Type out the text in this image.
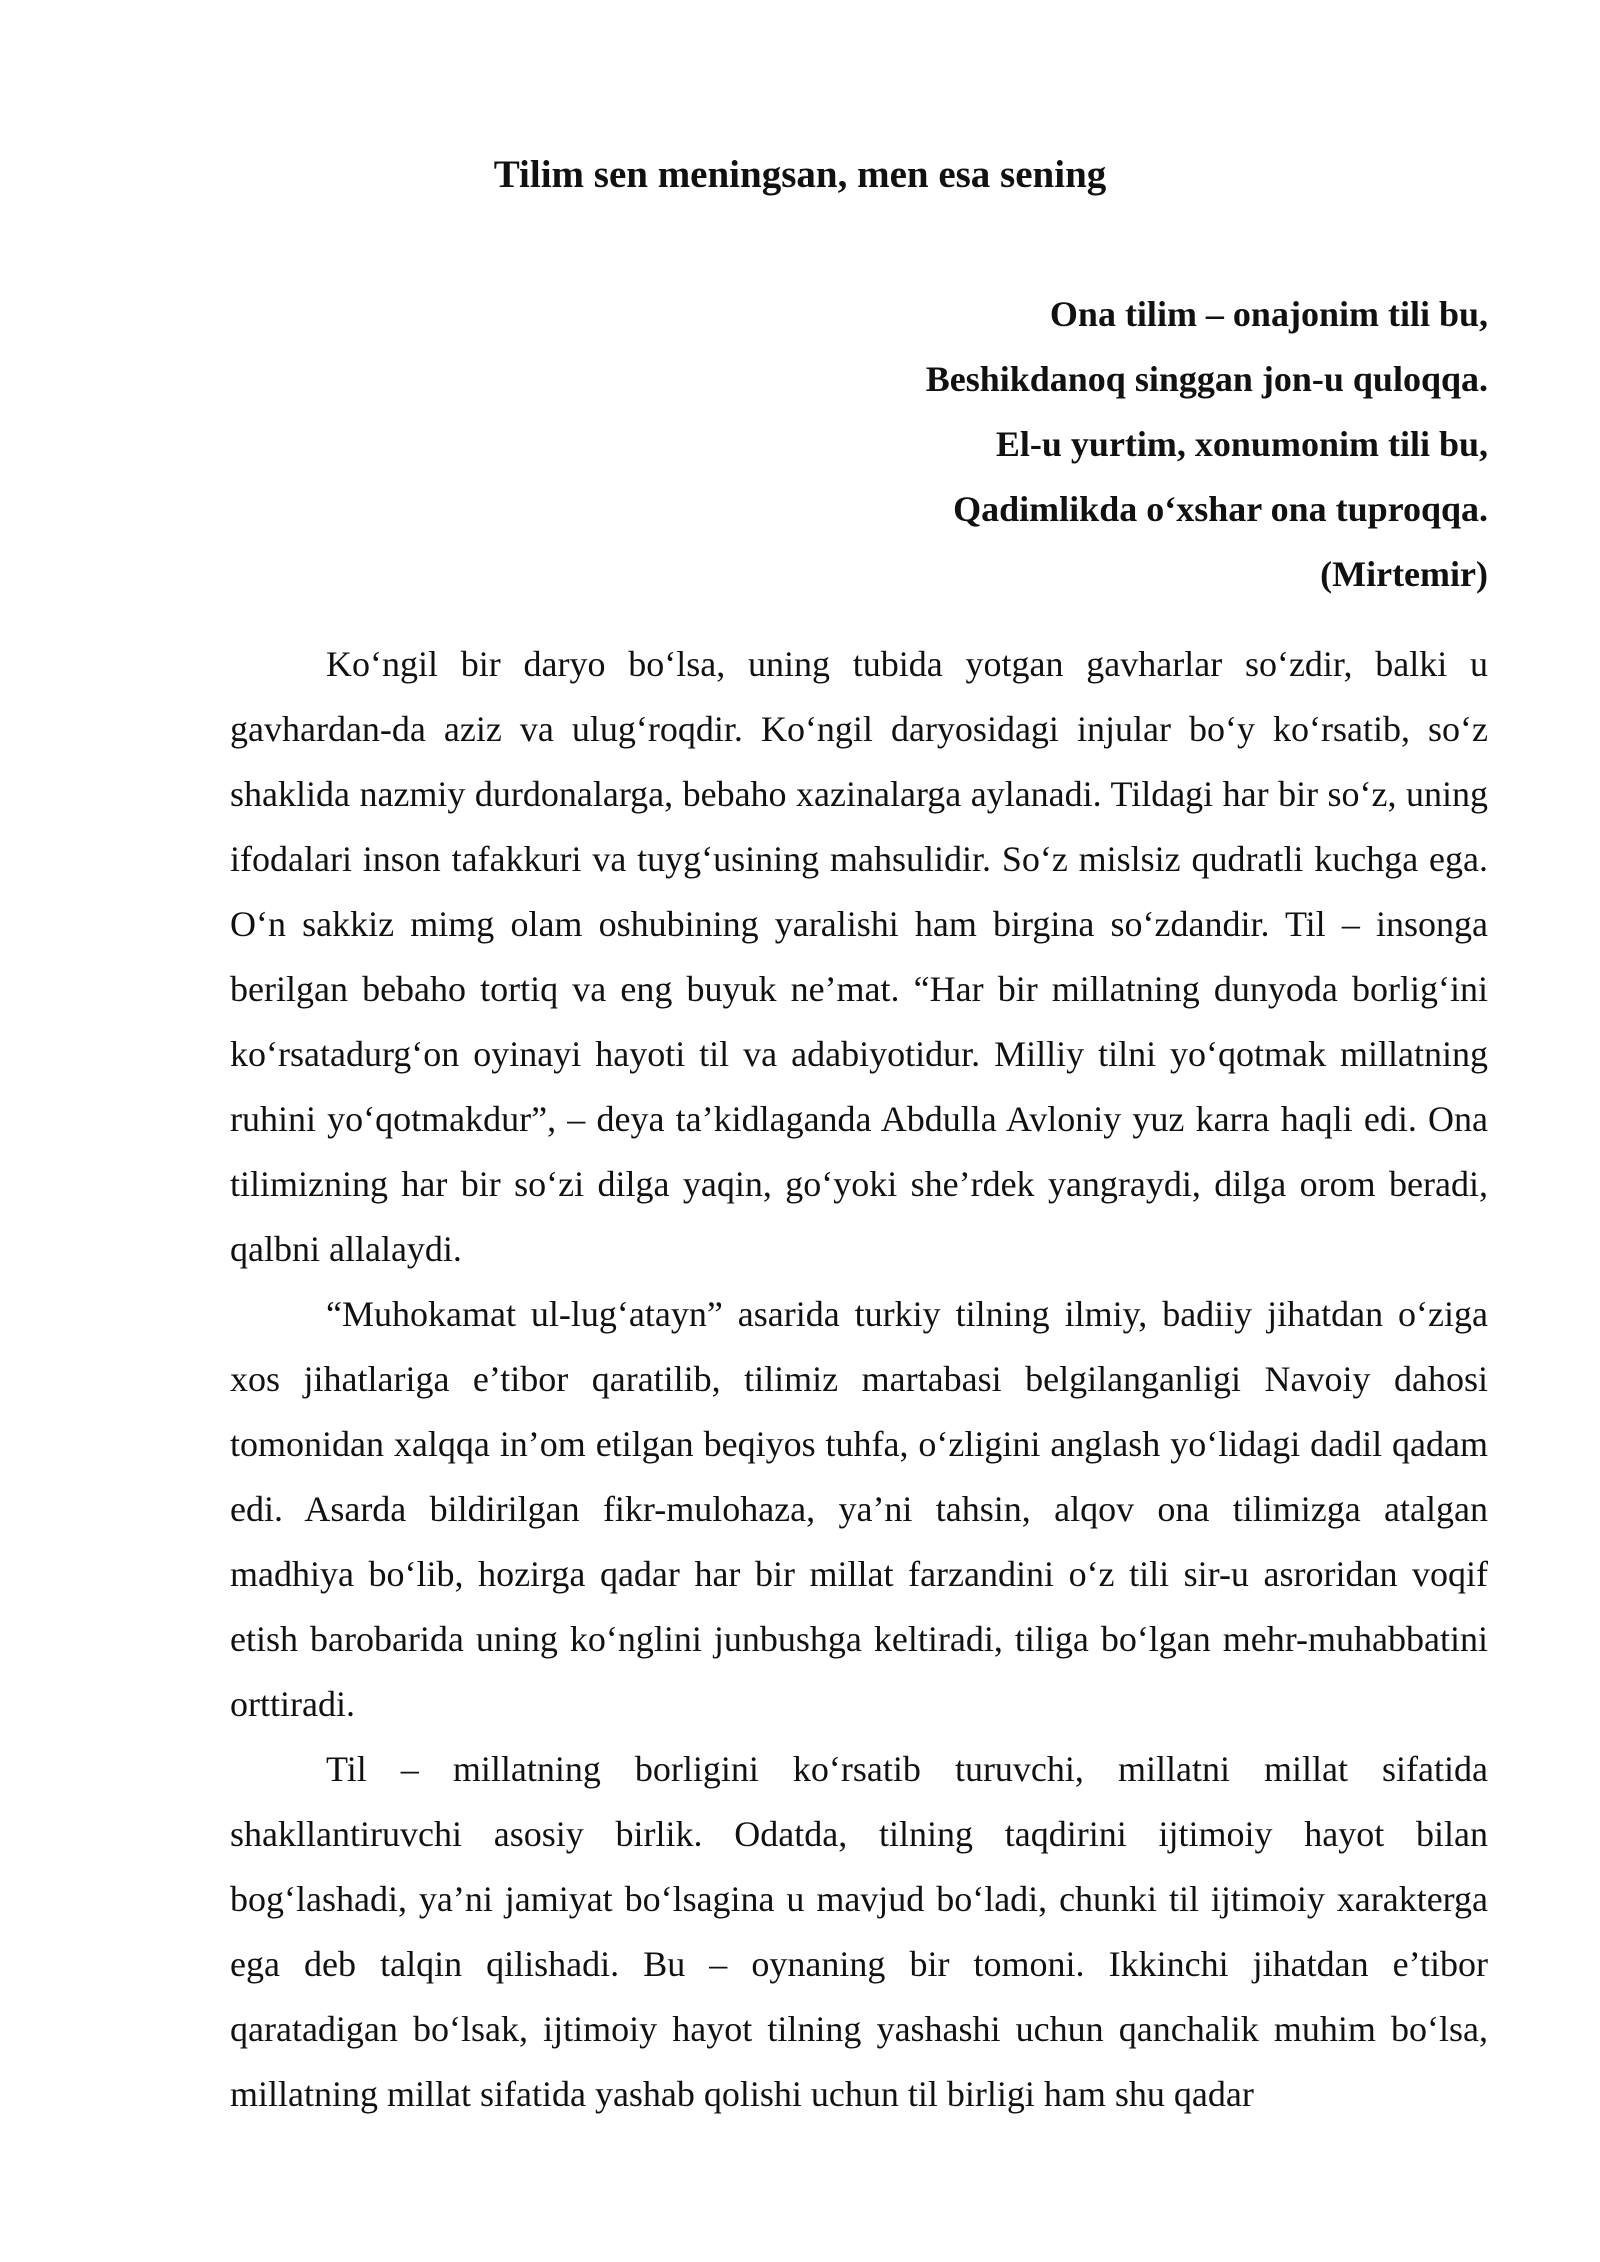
Tilim sen meningsan, men esa sening
Ona tilim – onajonim tili bu,
Beshikdanoq singgan jon-u quloqqa.
El-u yurtim, xonumonim tili bu,
Qadimlikda o‘xshar ona tuproqqa.
(Mirtemir)

Ko‘ngil bir daryo bo‘lsa, uning tubida yotgan gavharlar so‘zdir, balki u gavhardan-da aziz va ulug‘roqdir. Ko‘ngil daryosidagi injular bo‘y ko‘rsatib, so‘z shaklida nazmiy durdonalarga, bebaho xazinalarga aylanadi. Tildagi har bir so‘z, uning ifodalari inson tafakkuri va tuyg‘usining mahsulidir. So‘z mislsiz qudratli kuchga ega. O‘n sakkiz mimg olam oshubining yaralishi ham birgina so‘zdandir. Til – insonga berilgan bebaho tortiq va eng buyuk ne’mat. “Har bir millatning dunyoda borlig‘ini ko‘rsatadurg‘on oyinayi hayoti til va adabiyotidur. Milliy tilni yo‘qotmak millatning ruhini yo‘qotmakdur”, – deya ta’kidlaganda Abdulla Avloniy yuz karra haqli edi. Ona tilimizning har bir so‘zi dilga yaqin, go‘yoki she’rdek yangraydi, dilga orom beradi, qalbni allalaydi.

“Muhokamat ul-lug‘atayn” asarida turkiy tilning ilmiy, badiiy jihatdan o‘ziga xos jihatlariga e’tibor qaratilib, tilimiz martabasi belgilanganligi Navoiy dahosi tomonidan xalqqa in’om etilgan beqiyos tuhfa, o‘zligini anglash yo‘lidagi dadil qadam edi. Asarda bildirilgan fikr-mulohaza, ya’ni tahsin, alqov ona tilimizga atalgan madhiya bo‘lib, hozirga qadar har bir millat farzandini o‘z tili sir-u asroridan voqif etish barobarida uning ko‘nglini junbushga keltiradi, tiliga bo‘lgan mehr-muhabbatini orttiradi.

Til – millatning borligini ko‘rsatib turuvchi, millatni millat sifatida shakllantiruvchi asosiy birlik. Odatda, tilning taqdirini ijtimoiy hayot bilan bog‘lashadi, ya’ni jamiyat bo‘lsagina u mavjud bo‘ladi, chunki til ijtimoiy xarakterga ega deb talqin qilishadi. Bu – oynaning bir tomoni. Ikkinchi jihatdan e’tibor qaratadigan bo‘lsak, ijtimoiy hayot tilning yashashi uchun qanchalik muhim bo‘lsa, millatning millat sifatida yashab qolishi uchun til birligi ham shu qadar
